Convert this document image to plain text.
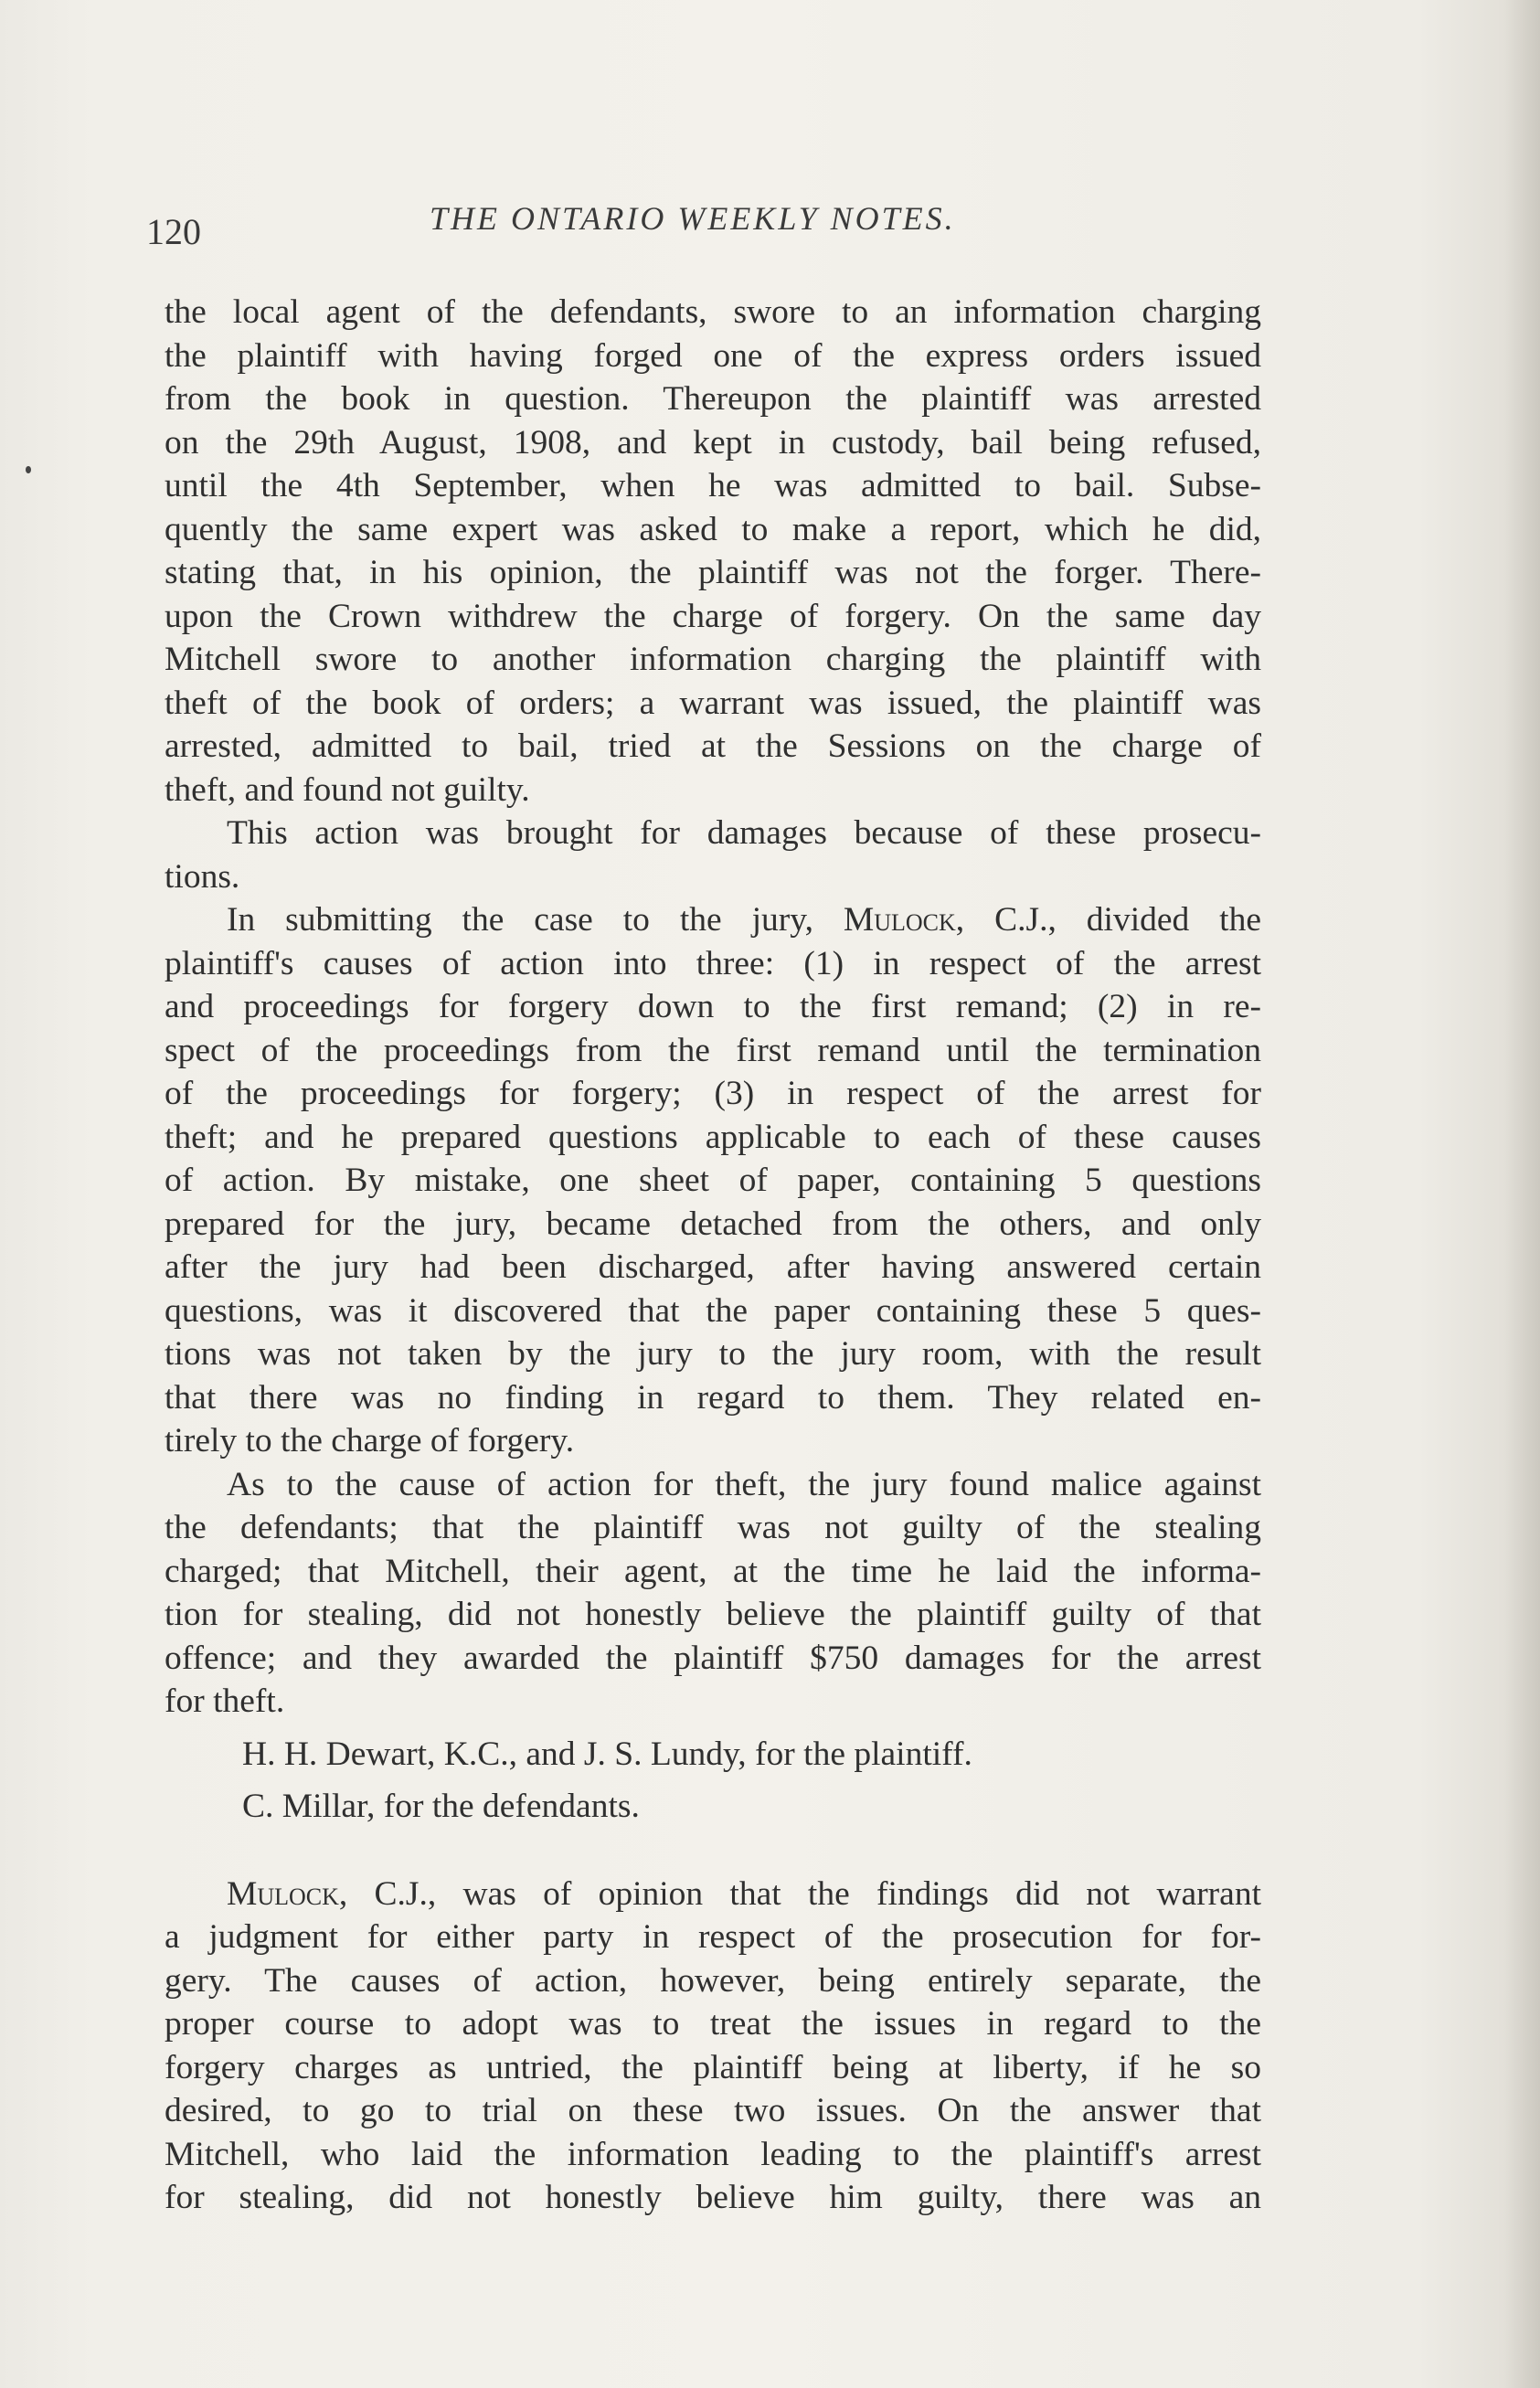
120	THE ONTARIO WEEKLY NOTES.
the local agent of the defendants, swore to an information charging
the plaintiff with having forged one of the express orders issued
from the book in question. Thereupon the plaintiff was arrested
on the 29th August, 1908, and kept in custody, bail being refused,
until the 4th September, when he was admitted to bail. Subse-
quently the same expert was asked to make a report, which he did,
stating that, in his opinion, the plaintiff was not the forger. There-
upon the Crown withdrew the charge of forgery. On the same day
Mitchell swore to another information charging the plaintiff with
theft of the book of orders; a warrant was issued, the plaintiff was
arrested, admitted to bail, tried at the Sessions on the charge of
theft, and found not guilty.
This action was brought for damages because of these prosecu-
tions.
In submitting the case to the jury, Mulock, C.J., divided the
plaintiff's causes of action into three: (1) in respect of the arrest
and proceedings for forgery down to the first remand; (2) in re-
spect of the proceedings from the first remand until the termination
of the proceedings for forgery; (3) in respect of the arrest for
theft; and he prepared questions applicable to each of these causes
of action. By mistake, one sheet of paper, containing 5 questions
prepared for the jury, became detached from the others, and only
after the jury had been discharged, after having answered certain
questions, was it discovered that the paper containing these 5 ques-
tions was not taken by the jury to the jury room, with the result
that there was no finding in regard to them. They related en-
tirely to the charge of forgery.
As to the cause of action for theft, the jury found malice against
the defendants; that the plaintiff was not guilty of the stealing
charged; that Mitchell, their agent, at the time he laid the informa-
tion for stealing, did not honestly believe the plaintiff guilty of that
offence; and they awarded the plaintiff $750 damages for the arrest
for theft.
H. H. Dewart, K.C., and J. S. Lundy, for the plaintiff.
C. Millar, for the defendants.
Mulock, C.J., was of opinion that the findings did not warrant
a judgment for either party in respect of the prosecution for for-
gery. The causes of action, however, being entirely separate, the
proper course to adopt was to treat the issues in regard to the
forgery charges as untried, the plaintiff being at liberty, if he so
desired, to go to trial on these two issues. On the answer that
Mitchell, who laid the information leading to the plaintiff's arrest
for stealing, did not honestly believe him guilty, there was an
